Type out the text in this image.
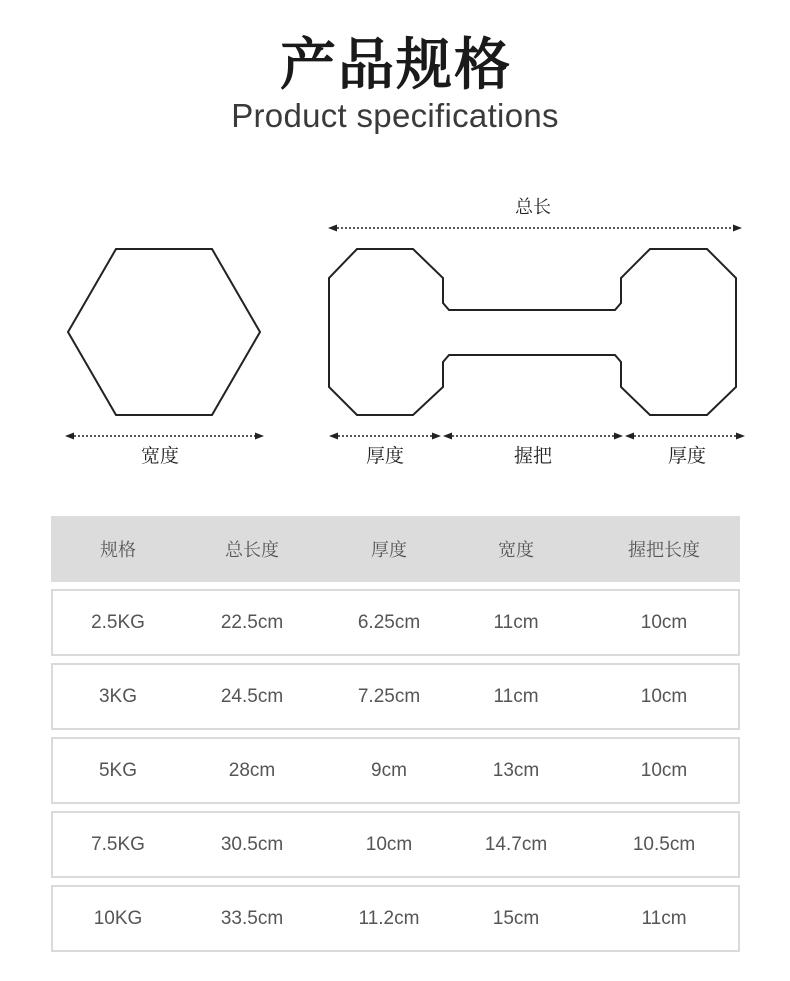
产品规格
Product specifications
总长
宽度	厚度	握把	厚度
规格	总长度	厚度	宽度	握把长度
2.5KG	22.5cm	6.25cm	11cm	10cm
3KG	24.5cm	7.25cm	11cm	10cm
5KG	28cm	9cm	13cm	10cm
7.5KG	30.5cm	10cm	14.7cm	10.5cm
10KG	33.5cm	11.2cm	15cm	11cm
